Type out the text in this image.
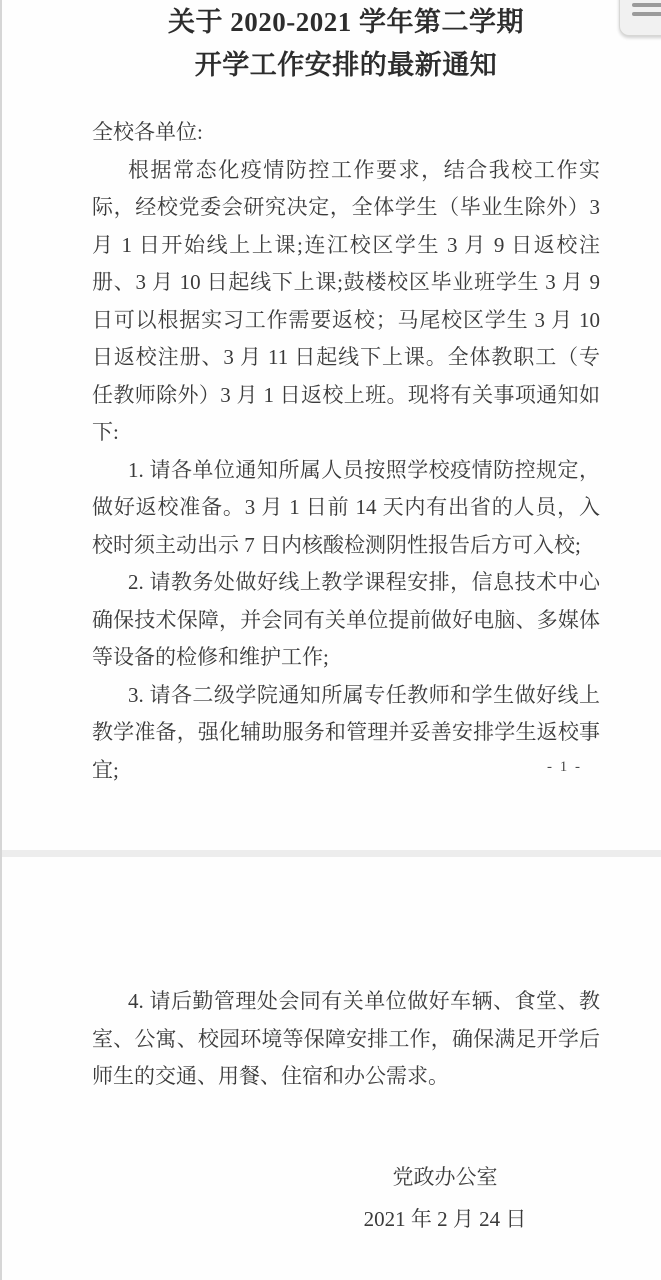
关于 2020-2021 学年第二学期
开学工作安排的最新通知
全校各单位:

根据常态化疫情防控工作要求，结合我校工作实际，经校党委会研究决定，全体学生（毕业生除外）3 月 1 日开始线上上课;连江校区学生 3 月 9 日返校注册、3 月 10 日起线下上课;鼓楼校区毕业班学生 3 月 9 日可以根据实习工作需要返校；马尾校区学生 3 月 10 日返校注册、3 月 11 日起线下上课。全体教职工（专任教师除外）3 月 1 日返校上班。现将有关事项通知如下:

1. 请各单位通知所属人员按照学校疫情防控规定，做好返校准备。3 月 1 日前 14 天内有出省的人员，入校时须主动出示 7 日内核酸检测阴性报告后方可入校;

2. 请教务处做好线上教学课程安排，信息技术中心确保技术保障，并会同有关单位提前做好电脑、多媒体等设备的检修和维护工作;

3. 请各二级学院通知所属专任教师和学生做好线上教学准备，强化辅助服务和管理并妥善安排学生返校事宜;	- 1 -

4. 请后勤管理处会同有关单位做好车辆、食堂、教室、公寓、校园环境等保障安排工作，确保满足开学后师生的交通、用餐、住宿和办公需求。

党政办公室
2021 年 2 月 24 日
